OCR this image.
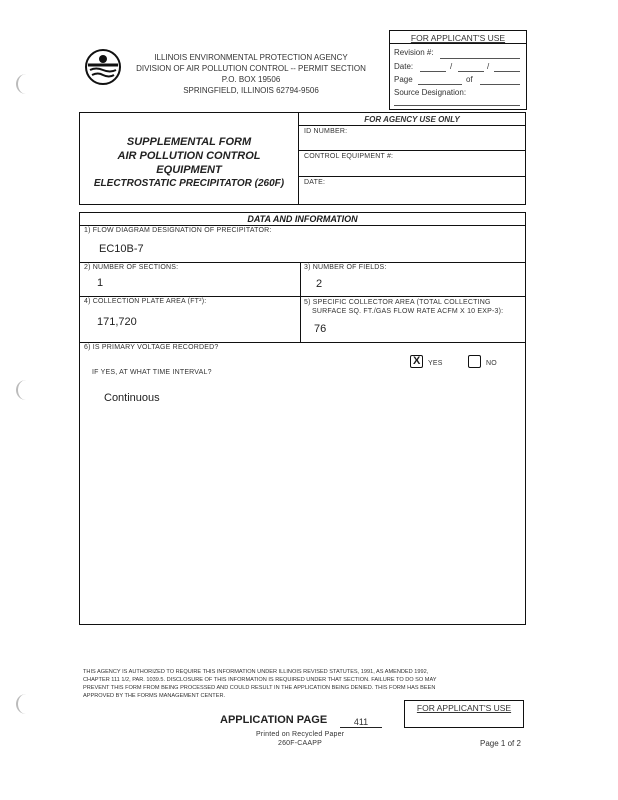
ILLINOIS ENVIRONMENTAL PROTECTION AGENCY
DIVISION OF AIR POLLUTION CONTROL -- PERMIT SECTION
P.O. BOX 19506
SPRINGFIELD, ILLINOIS 62794-9506
FOR APPLICANT'S USE
Revision #:
Date:	/	/
Page	of
Source Designation:
SUPPLEMENTAL FORM
AIR POLLUTION CONTROL
EQUIPMENT
ELECTROSTATIC PRECIPITATOR (260F)
FOR AGENCY USE ONLY
ID NUMBER:
CONTROL EQUIPMENT #:
DATE:
DATA AND INFORMATION
1) FLOW DIAGRAM DESIGNATION OF PRECIPITATOR:
EC10B-7
2) NUMBER OF SECTIONS:
1
3) NUMBER OF FIELDS:
2
4) COLLECTION PLATE AREA (FT²):
171,720
5) SPECIFIC COLLECTOR AREA (TOTAL COLLECTING
SURFACE SQ. FT./GAS FLOW RATE ACFM X 10 EXP-3):
76
6) IS PRIMARY VOLTAGE RECORDED?
X YES	NO
IF YES, AT WHAT TIME INTERVAL?
Continuous
THIS AGENCY IS AUTHORIZED TO REQUIRE THIS INFORMATION UNDER ILLINOIS REVISED STATUTES, 1991, AS AMENDED 1992,
CHAPTER 111 1/2, PAR. 1039.5. DISCLOSURE OF THIS INFORMATION IS REQUIRED UNDER THAT SECTION. FAILURE TO DO SO MAY
PREVENT THIS FORM FROM BEING PROCESSED AND COULD RESULT IN THE APPLICATION BEING DENIED. THIS FORM HAS BEEN
APPROVED BY THE FORMS MANAGEMENT CENTER.
FOR APPLICANT'S USE
APPLICATION PAGE	411
Printed on Recycled Paper
260F-CAAPP	Page 1 of 2
